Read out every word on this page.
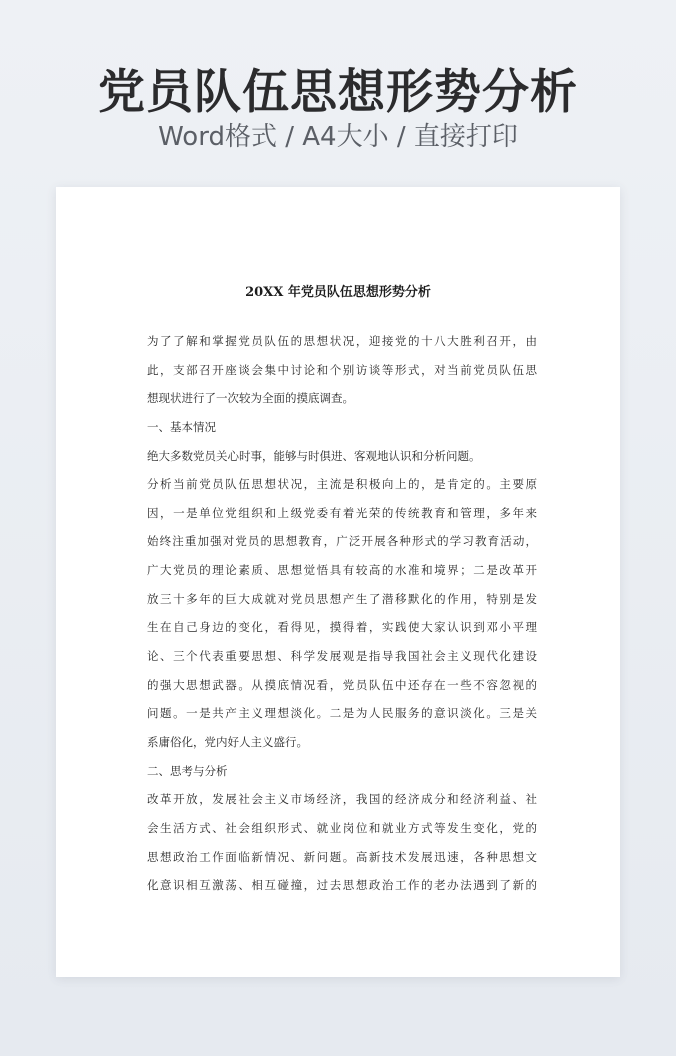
党员队伍思想形势分析
Word格式 / A4大小 / 直接打印
20XX 年党员队伍思想形势分析
为了了解和掌握党员队伍的思想状况，迎接党的十八大胜利召开，由
此，支部召开座谈会集中讨论和个别访谈等形式，对当前党员队伍思
想现状进行了一次较为全面的摸底调查。
一、基本情况
绝大多数党员关心时事，能够与时俱进、客观地认识和分析问题。
分析当前党员队伍思想状况，主流是积极向上的，是肯定的。主要原
因，一是单位党组织和上级党委有着光荣的传统教育和管理，多年来
始终注重加强对党员的思想教育，广泛开展各种形式的学习教育活动，
广大党员的理论素质、思想觉悟具有较高的水准和境界；二是改革开
放三十多年的巨大成就对党员思想产生了潜移默化的作用，特别是发
生在自己身边的变化，看得见，摸得着，实践使大家认识到邓小平理
论、三个代表重要思想、科学发展观是指导我国社会主义现代化建设
的强大思想武器。从摸底情况看，党员队伍中还存在一些不容忽视的
问题。一是共产主义理想淡化。二是为人民服务的意识淡化。三是关
系庸俗化，党内好人主义盛行。
二、思考与分析
改革开放，发展社会主义市场经济，我国的经济成分和经济利益、社
会生活方式、社会组织形式、就业岗位和就业方式等发生变化，党的
思想政治工作面临新情况、新问题。高新技术发展迅速，各种思想文
化意识相互激荡、相互碰撞，过去思想政治工作的老办法遇到了新的
